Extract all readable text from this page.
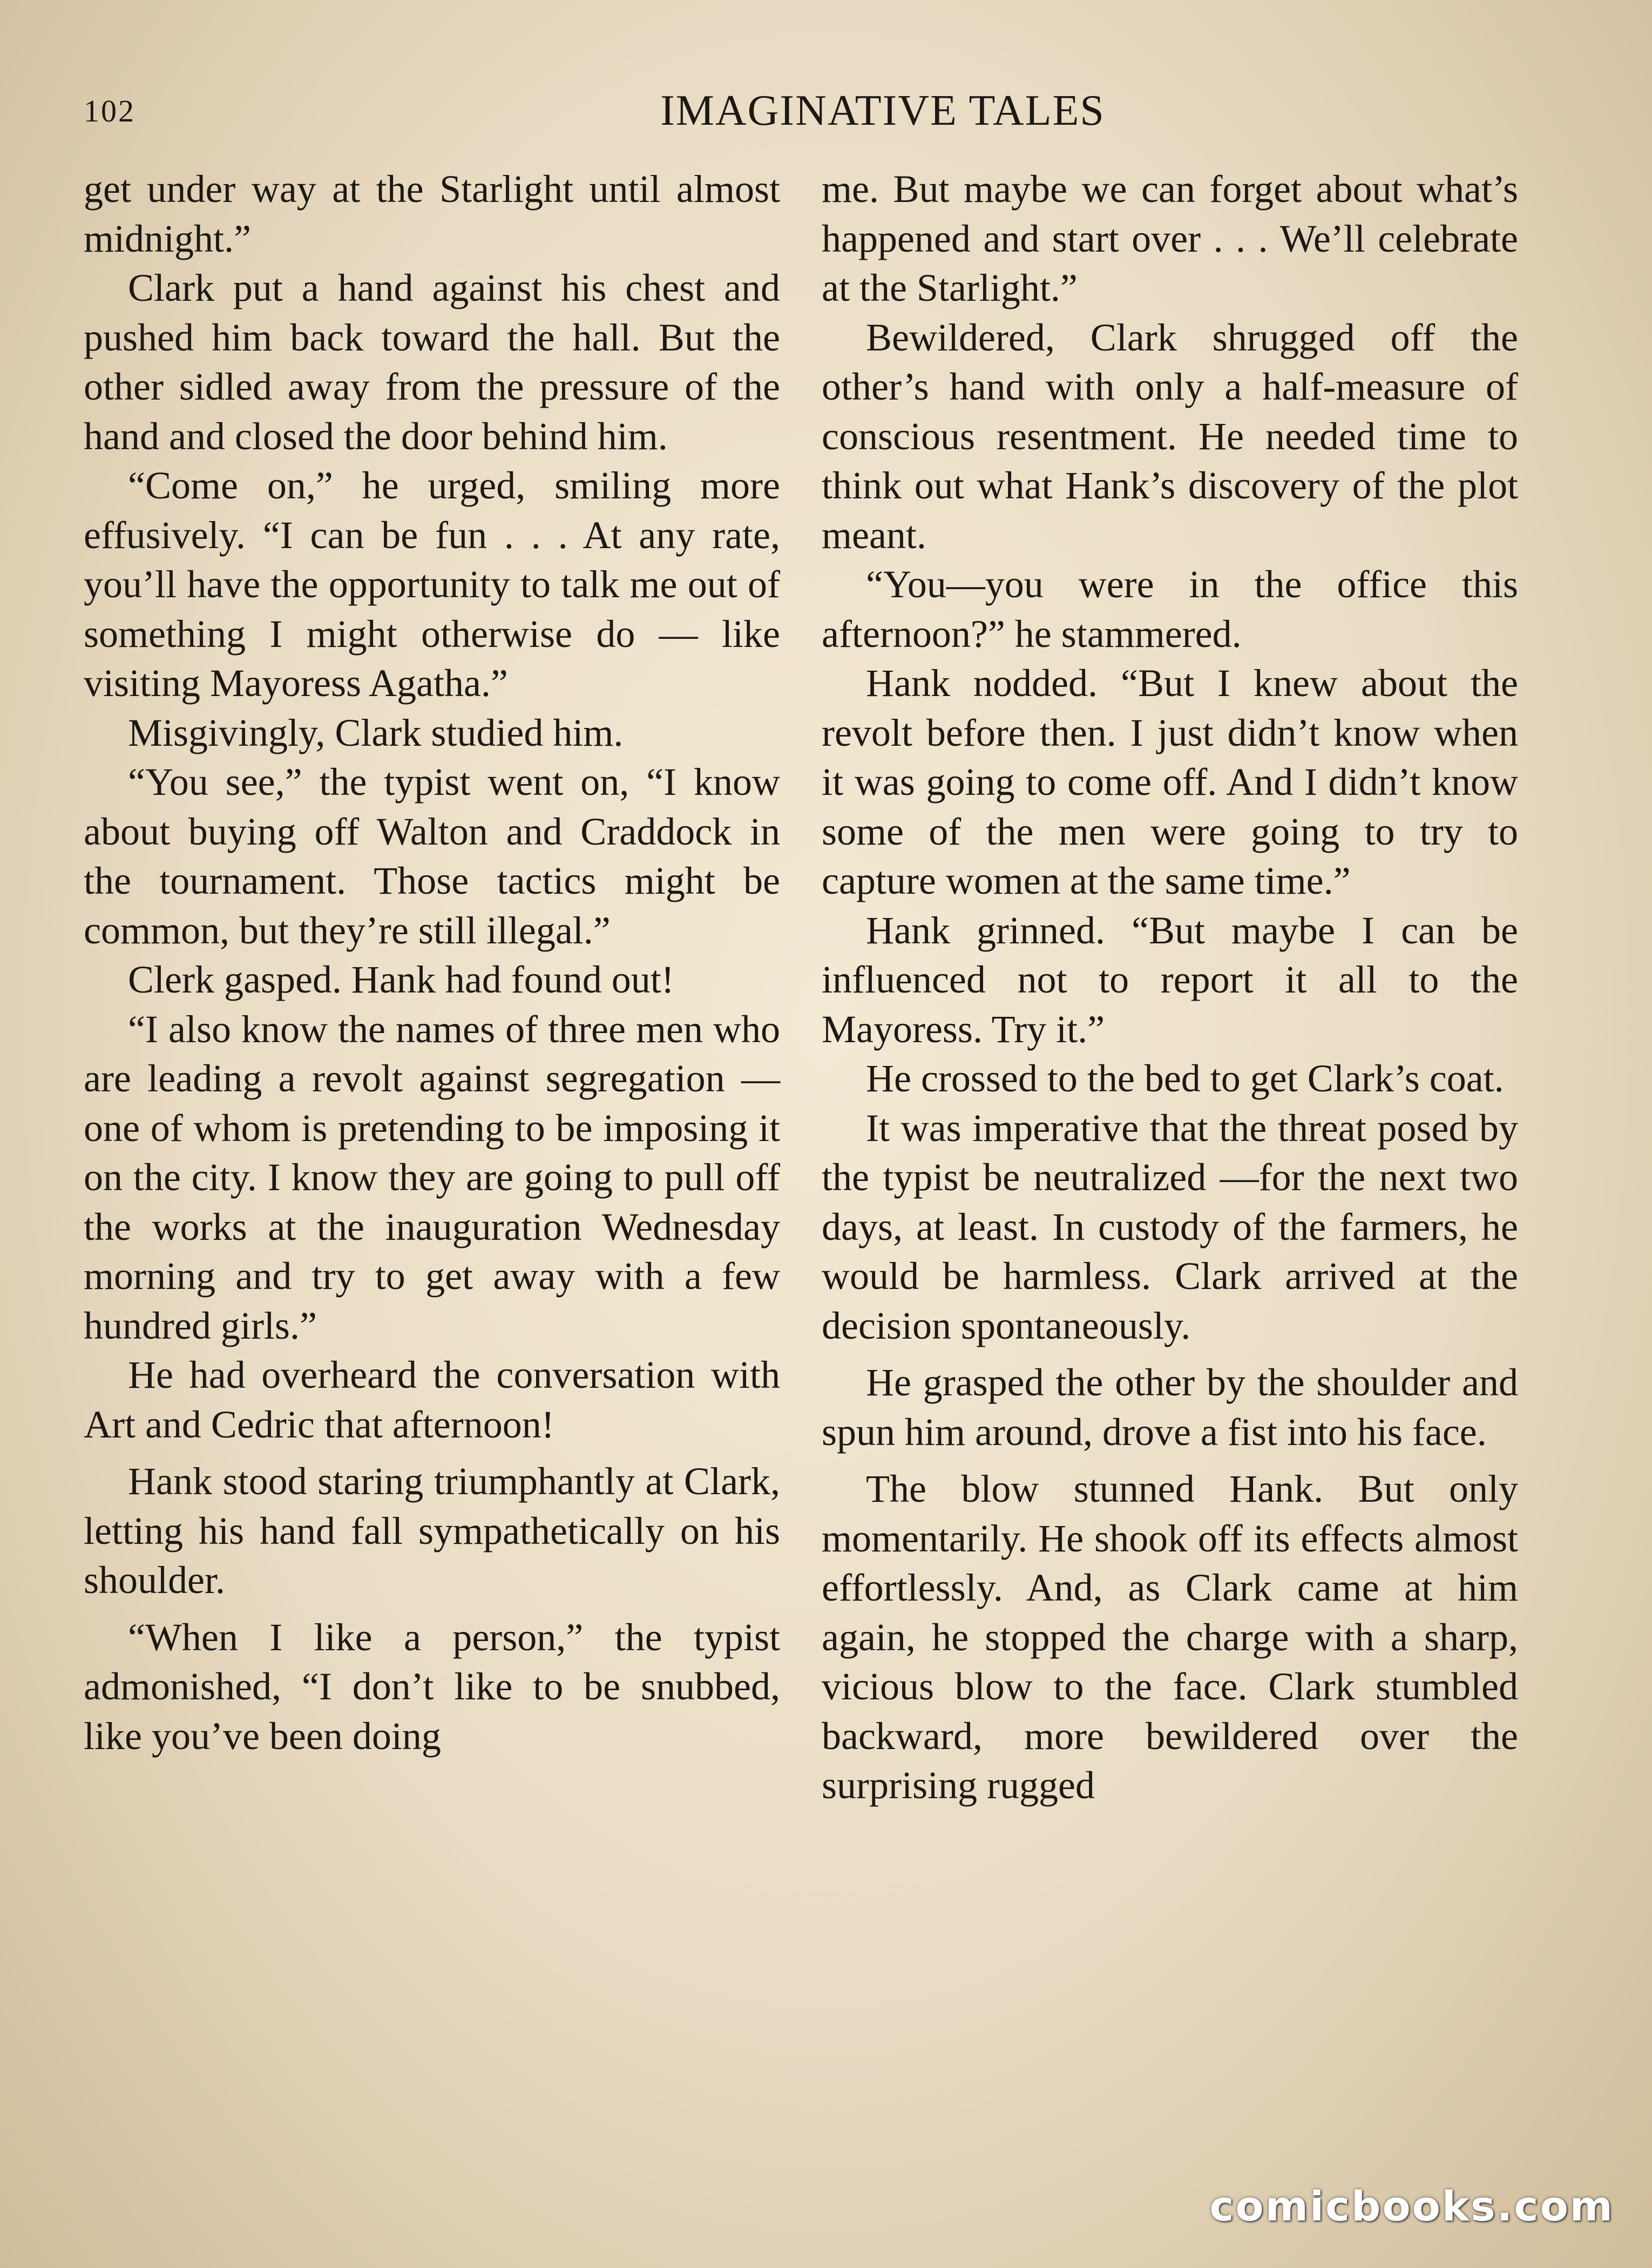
102	IMAGINATIVE TALES

get under way at the Starlight until almost midnight.”

Clark put a hand against his chest and pushed him back toward the hall. But the other sidled away from the pressure of the hand and closed the door behind him.

“Come on,” he urged, smiling more effusively. “I can be fun . . . At any rate, you’ll have the opportunity to talk me out of something I might otherwise do — like visiting Mayoress Agatha.”

Misgivingly, Clark studied him.

“You see,” the typist went on, “I know about buying off Walton and Craddock in the tournament. Those tactics might be common, but they’re still illegal.”

Clerk gasped. Hank had found out!

“I also know the names of three men who are leading a revolt against segregation — one of whom is pretending to be imposing it on the city. I know they are going to pull off the works at the inauguration Wednesday morning and try to get away with a few hundred girls.”

He had overheard the conversation with Art and Cedric that afternoon!

Hank stood staring triumphantly at Clark, letting his hand fall sympathetically on his shoulder.

“When I like a person,” the typist admonished, “I don’t like to be snubbed, like you’ve been doing

me. But maybe we can forget about what’s happened and start over . . . We’ll celebrate at the Starlight.”

Bewildered, Clark shrugged off the other’s hand with only a half-measure of conscious resentment. He needed time to think out what Hank’s discovery of the plot meant.

“You—you were in the office this afternoon?” he stammered.

Hank nodded. “But I knew about the revolt before then. I just didn’t know when it was going to come off. And I didn’t know some of the men were going to try to capture women at the same time.”

Hank grinned. “But maybe I can be influenced not to report it all to the Mayoress. Try it.”

He crossed to the bed to get Clark’s coat.

It was imperative that the threat posed by the typist be neutralized —for the next two days, at least. In custody of the farmers, he would be harmless. Clark arrived at the decision spontaneously.

He grasped the other by the shoulder and spun him around, drove a fist into his face.

The blow stunned Hank. But only momentarily. He shook off its effects almost effortlessly. And, as Clark came at him again, he stopped the charge with a sharp, vicious blow to the face. Clark stumbled backward, more bewildered over the surprising rugged

comicbooks.com
